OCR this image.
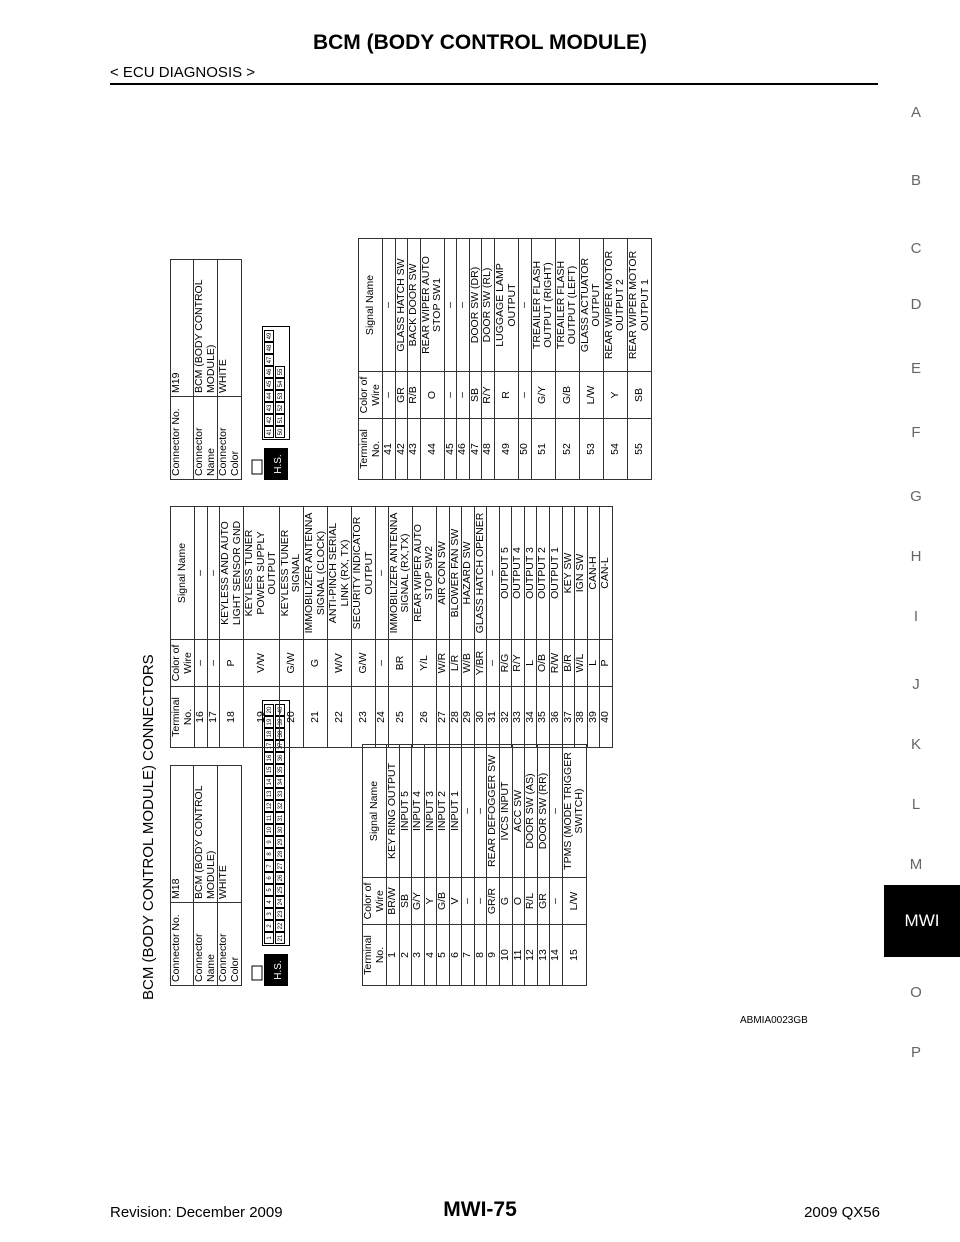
BCM (BODY CONTROL MODULE)
< ECU DIAGNOSIS >
A
B
C
D
E
F
G
H
I
J
K
L
M
O
P
MWI
BCM (BODY CONTROL MODULE) CONNECTORS Connector No.	M18
Connector Name	BCM (BODY CONTROL MODULE)
Connector Color	WHITE
H.S.
1
2
3
4
5
6
7
8
9
10
11
12
13
14
15
16
17
18
19
20
21
22
23
24
25
26
27
28
29
30
31
32
33
34
35
36
37
38
39
40
Terminal No.	Color of Wire	Signal Name
1	BR/W	KEY RING OUTPUT
2	SB	INPUT 5
3	G/Y	INPUT 4
4	Y	INPUT 3
5	G/B	INPUT 2
6	V	INPUT 1
7	–	–
8	–	–
9	GR/R	REAR DEFOGGER SW
10	G	IVCS INPUT
11	O	ACC SW
12	R/L	DOOR SW (AS)
13	GR	DOOR SW (RR)
14	–	–
15	L/W	TPMS (MODE TRIGGER SWITCH)
Terminal No.	Color of Wire	Signal Name
16	–	–
17	–	–
18	P	KEYLESS AND AUTO LIGHT SENSOR GND
19	V/W	KEYLESS TUNER POWER SUPPLY OUTPUT
20	G/W	KEYLESS TUNER SIGNAL
21	G	IMMOBILIZER ANTENNA SIGNAL (CLOCK)
22	W/V	ANTI-PINCH SERIAL LINK (RX, TX)
23	G/W	SECURITY INDICATOR OUTPUT
24	–	–
25	BR	IMMOBILIZER ANTENNA SIGNAL (RX,TX)
26	Y/L	REAR WIPER AUTO STOP SW2
27	W/R	AIR CON SW
28	L/R	BLOWER FAN SW
29	W/B	HAZARD SW
30	Y/BR	GLASS HATCH OPENER
31	–	–
32	R/G	OUTPUT 5
33	R/Y	OUTPUT 4
34	L	OUTPUT 3
35	O/B	OUTPUT 2
36	R/W	OUTPUT 1
37	B/R	KEY SW
38	W/L	IGN SW
39	L	CAN-H
40	P	CAN-L
Connector No.	M19
Connector Name	BCM (BODY CONTROL MODULE)
Connector Color	WHITE
H.S.
41
42
43
44
45
46
47
48
49
50
51
52
53
54
55
Terminal No.	Color of Wire	Signal Name
41	–	–
42	GR	GLASS HATCH SW
43	R/B	BACK DOOR SW
44	O	REAR WIPER AUTO STOP SW1
45	–	–
46	–	–
47	SB	DOOR SW (DR)
48	R/Y	DOOR SW (RL)
49	R	LUGGAGE LAMP OUTPUT
50	–	–
51	G/Y	TREAILER FLASH OUTPUT (RIGHT)
52	G/B	TREAILER FLASH OUTPUT (LEFT)
53	L/W	GLASS ACTUATOR OUTPUT
54	Y	REAR WIPER MOTOR OUTPUT 2
55	SB	REAR WIPER MOTOR OUTPUT 1
ABMIA0023GB
Revision: December 2009	MWI-75	2009 QX56
